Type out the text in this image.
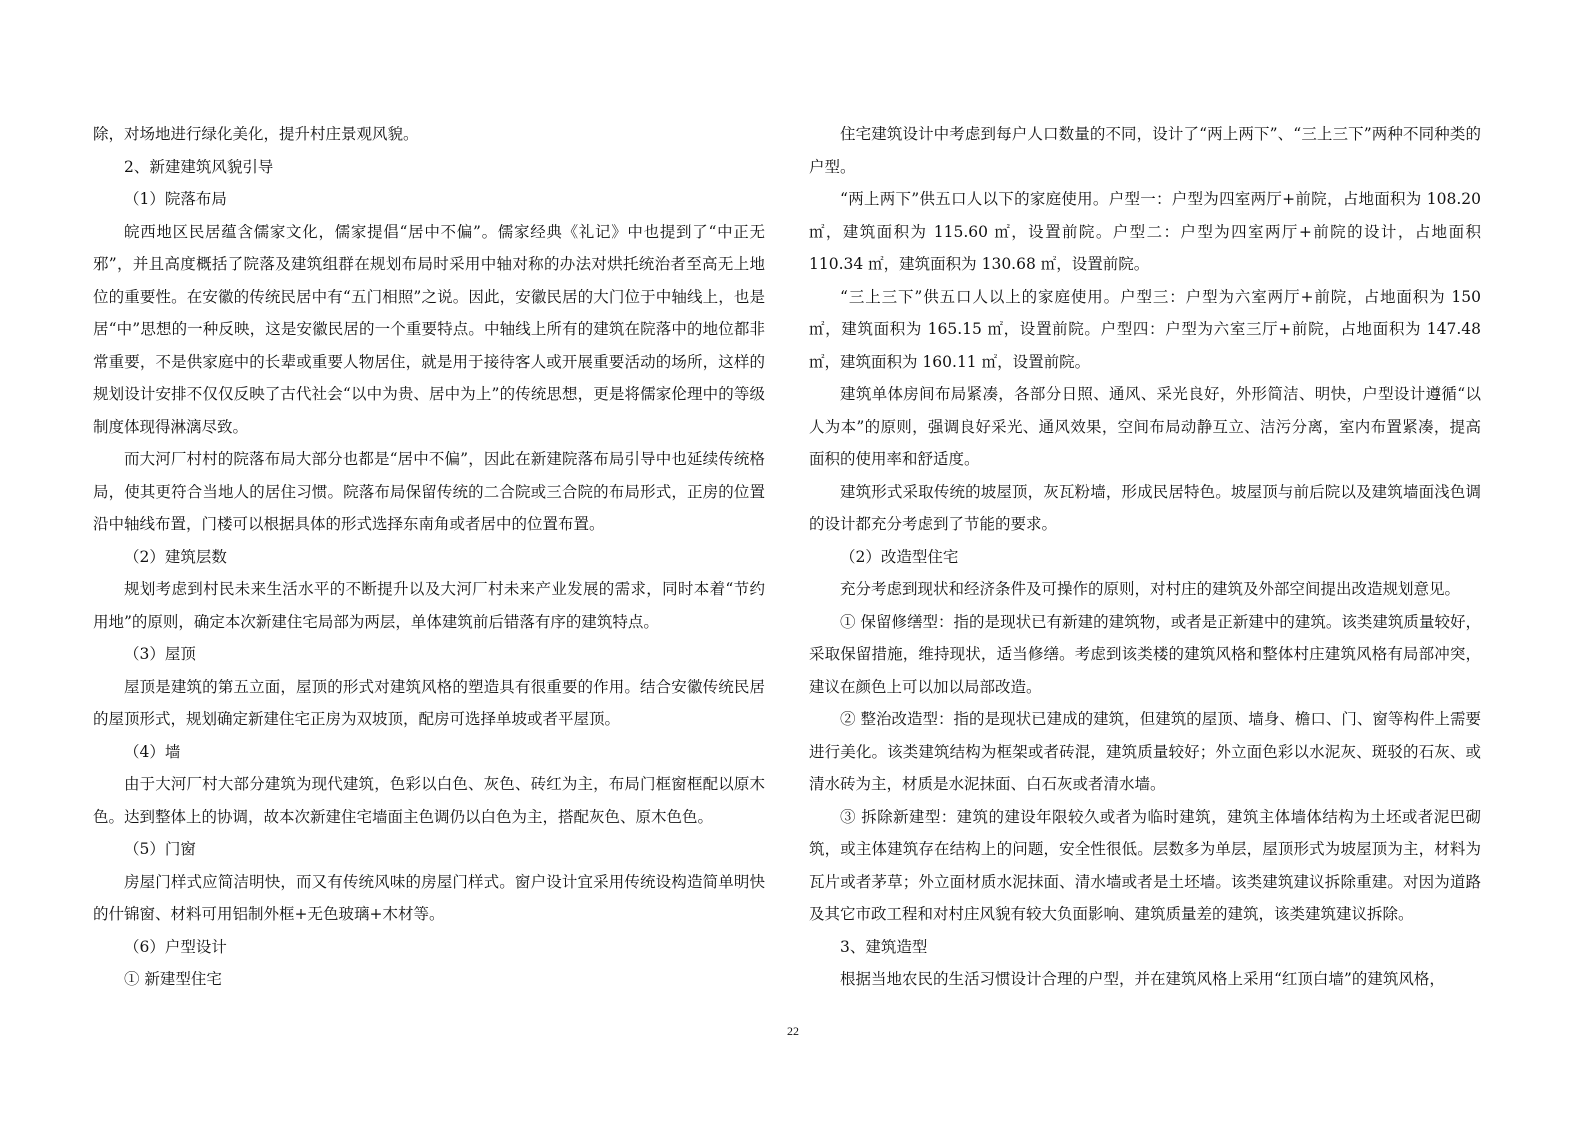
除，对场地进行绿化美化，提升村庄景观风貌。

2、新建建筑风貌引导

（1）院落布局

皖西地区民居蕴含儒家文化，儒家提倡“居中不偏”。儒家经典《礼记》中也提到了“中正无邪”，并且高度概括了院落及建筑组群在规划布局时采用中轴对称的办法对烘托统治者至高无上地位的重要性。在安徽的传统民居中有“五门相照”之说。因此，安徽民居的大门位于中轴线上，也是居“中”思想的一种反映，这是安徽民居的一个重要特点。中轴线上所有的建筑在院落中的地位都非常重要，不是供家庭中的长辈或重要人物居住，就是用于接待客人或开展重要活动的场所，这样的规划设计安排不仅仅反映了古代社会“以中为贵、居中为上”的传统思想，更是将儒家伦理中的等级制度体现得淋漓尽致。

而大河厂村村的院落布局大部分也都是“居中不偏”，因此在新建院落布局引导中也延续传统格局，使其更符合当地人的居住习惯。院落布局保留传统的二合院或三合院的布局形式，正房的位置沿中轴线布置，门楼可以根据具体的形式选择东南角或者居中的位置布置。

（2）建筑层数

规划考虑到村民未来生活水平的不断提升以及大河厂村未来产业发展的需求，同时本着“节约用地”的原则，确定本次新建住宅局部为两层，单体建筑前后错落有序的建筑特点。

（3）屋顶

屋顶是建筑的第五立面，屋顶的形式对建筑风格的塑造具有很重要的作用。结合安徽传统民居的屋顶形式，规划确定新建住宅正房为双坡顶，配房可选择单坡或者平屋顶。

（4）墙

由于大河厂村大部分建筑为现代建筑，色彩以白色、灰色、砖红为主，布局门框窗框配以原木色。达到整体上的协调，故本次新建住宅墙面主色调仍以白色为主，搭配灰色、原木色色。

（5）门窗

房屋门样式应简洁明快，而又有传统风味的房屋门样式。窗户设计宜采用传统设构造简单明快的什锦窗、材料可用铝制外框+无色玻璃+木材等。

（6）户型设计

① 新建型住宅

住宅建筑设计中考虑到每户人口数量的不同，设计了“两上两下”、“三上三下”两种不同种类的户型。

“两上两下”供五口人以下的家庭使用。户型一：户型为四室两厅+前院，占地面积为 108.20 ㎡，建筑面积为 115.60 ㎡，设置前院。户型二：户型为四室两厅+前院的设计，占地面积 110.34 ㎡，建筑面积为 130.68 ㎡，设置前院。

“三上三下”供五口人以上的家庭使用。户型三：户型为六室两厅+前院，占地面积为 150 ㎡，建筑面积为 165.15 ㎡，设置前院。户型四：户型为六室三厅+前院，占地面积为 147.48 ㎡，建筑面积为 160.11 ㎡，设置前院。

建筑单体房间布局紧凑，各部分日照、通风、采光良好，外形简洁、明快，户型设计遵循“以人为本”的原则，强调良好采光、通风效果，空间布局动静互立、洁污分离，室内布置紧凑，提高面积的使用率和舒适度。

建筑形式采取传统的坡屋顶，灰瓦粉墙，形成民居特色。坡屋顶与前后院以及建筑墙面浅色调的设计都充分考虑到了节能的要求。

（2）改造型住宅

充分考虑到现状和经济条件及可操作的原则，对村庄的建筑及外部空间提出改造规划意见。

① 保留修缮型：指的是现状已有新建的建筑物，或者是正新建中的建筑。该类建筑质量较好，采取保留措施，维持现状，适当修缮。考虑到该类楼的建筑风格和整体村庄建筑风格有局部冲突，建议在颜色上可以加以局部改造。

② 整治改造型：指的是现状已建成的建筑，但建筑的屋顶、墙身、檐口、门、窗等构件上需要进行美化。该类建筑结构为框架或者砖混，建筑质量较好；外立面色彩以水泥灰、斑驳的石灰、或清水砖为主，材质是水泥抹面、白石灰或者清水墙。

③ 拆除新建型：建筑的建设年限较久或者为临时建筑，建筑主体墙体结构为土坯或者泥巴砌筑，或主体建筑存在结构上的问题，安全性很低。层数多为单层，屋顶形式为坡屋顶为主，材料为瓦片或者茅草；外立面材质水泥抹面、清水墙或者是土坯墙。该类建筑建议拆除重建。对因为道路及其它市政工程和对村庄风貌有较大负面影响、建筑质量差的建筑，该类建筑建议拆除。

3、建筑造型

根据当地农民的生活习惯设计合理的户型，并在建筑风格上采用“红顶白墙”的建筑风格，

22
